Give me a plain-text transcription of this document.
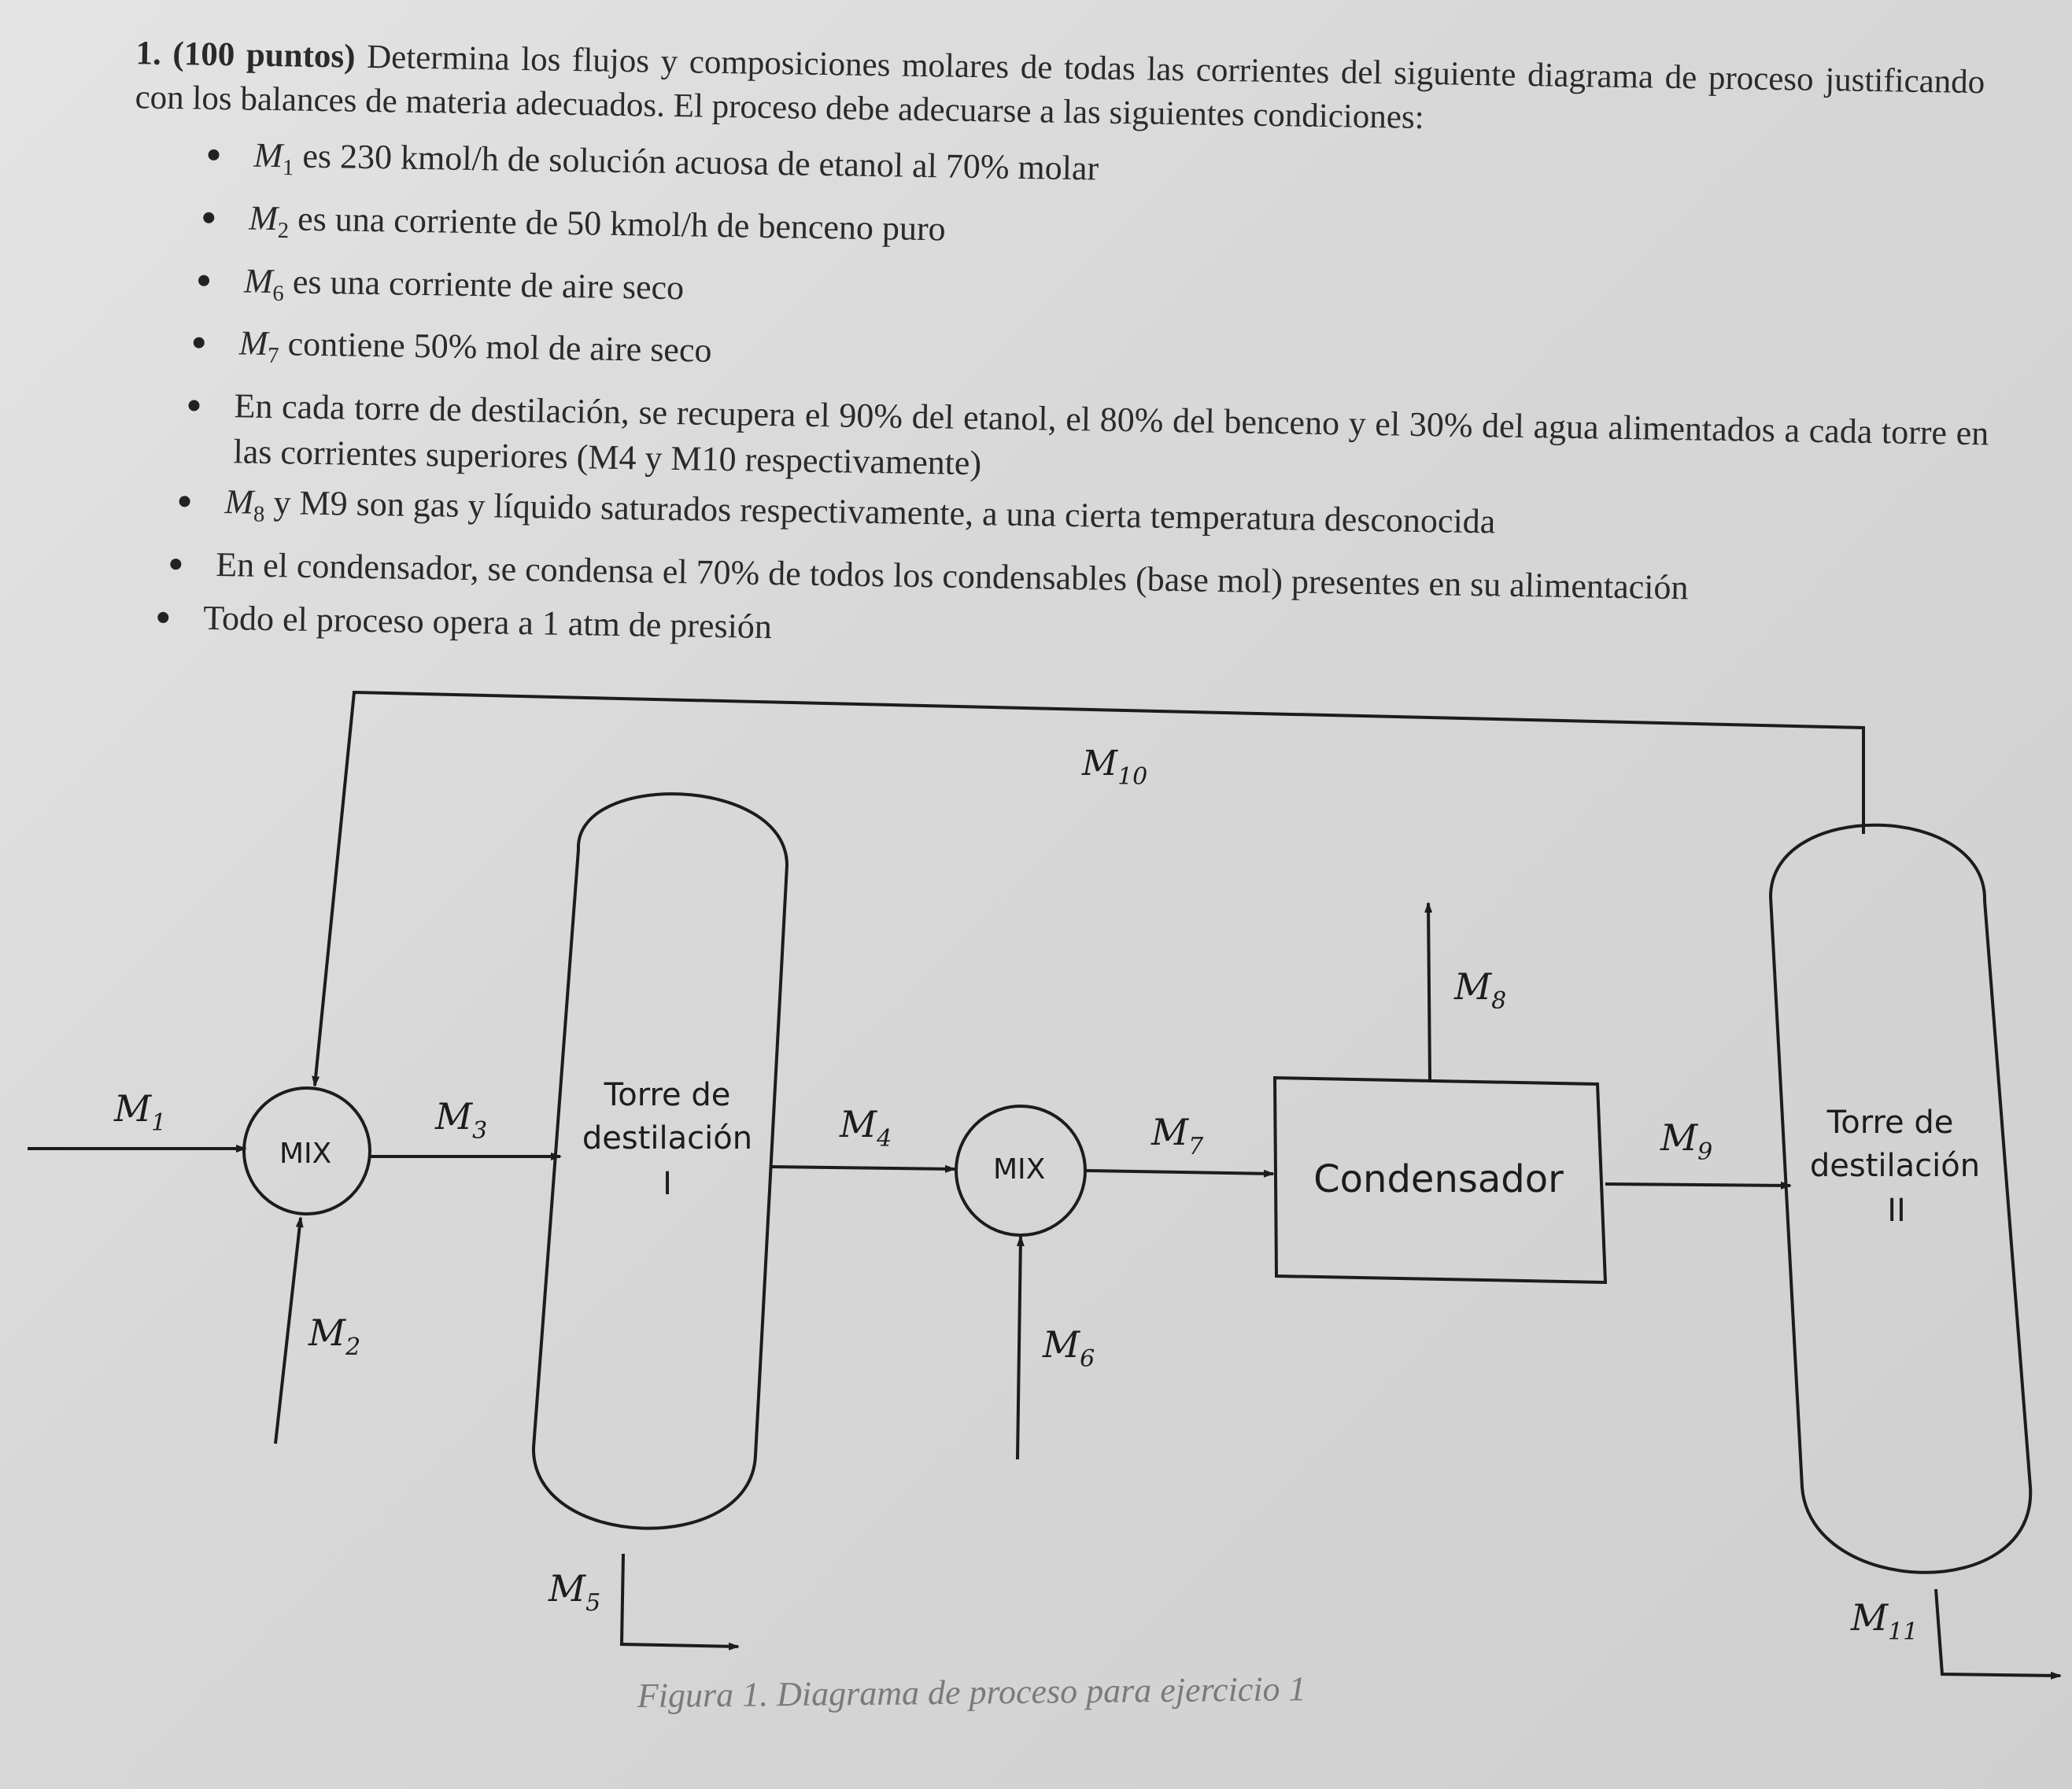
1. (100 puntos) Determina los flujos y composiciones molares de todas las corrientes del siguiente diagrama de proceso justificando con los balances de materia adecuados. El proceso debe adecuarse a las siguientes condiciones:

$M_1$ es 230 kmol/h de solución acuosa de etanol al 70% molar
$M_2$ es una corriente de 50 kmol/h de benceno puro
$M_6$ es una corriente de aire seco
$M_7$ contiene 50% mol de aire seco
En cada torre de destilación, se recupera el 90% del etanol, el 80% del benceno y el 30% del agua alimentados a cada torre en las corrientes superiores (M4 y M10 respectivamente)
$M_8$ y M9 son gas y líquido saturados respectivamente, a una cierta temperatura desconocida
En el condensador, se condensa el 70% de todos los condensables (base mol) presentes en su alimentación
Todo el proceso opera a 1 atm de presión
$M_{10}$
$M_1$
$M_2$
$M_3$	$M_4$
$M_5$
$M_6$
$M_7$
$M_8$
$M_9$
$M_{11}$
MIX	MIX
Torre de
destilación
I
Torre de
destilación
II
Condensador
Figura 1. Diagrama de proceso para ejercicio 1
